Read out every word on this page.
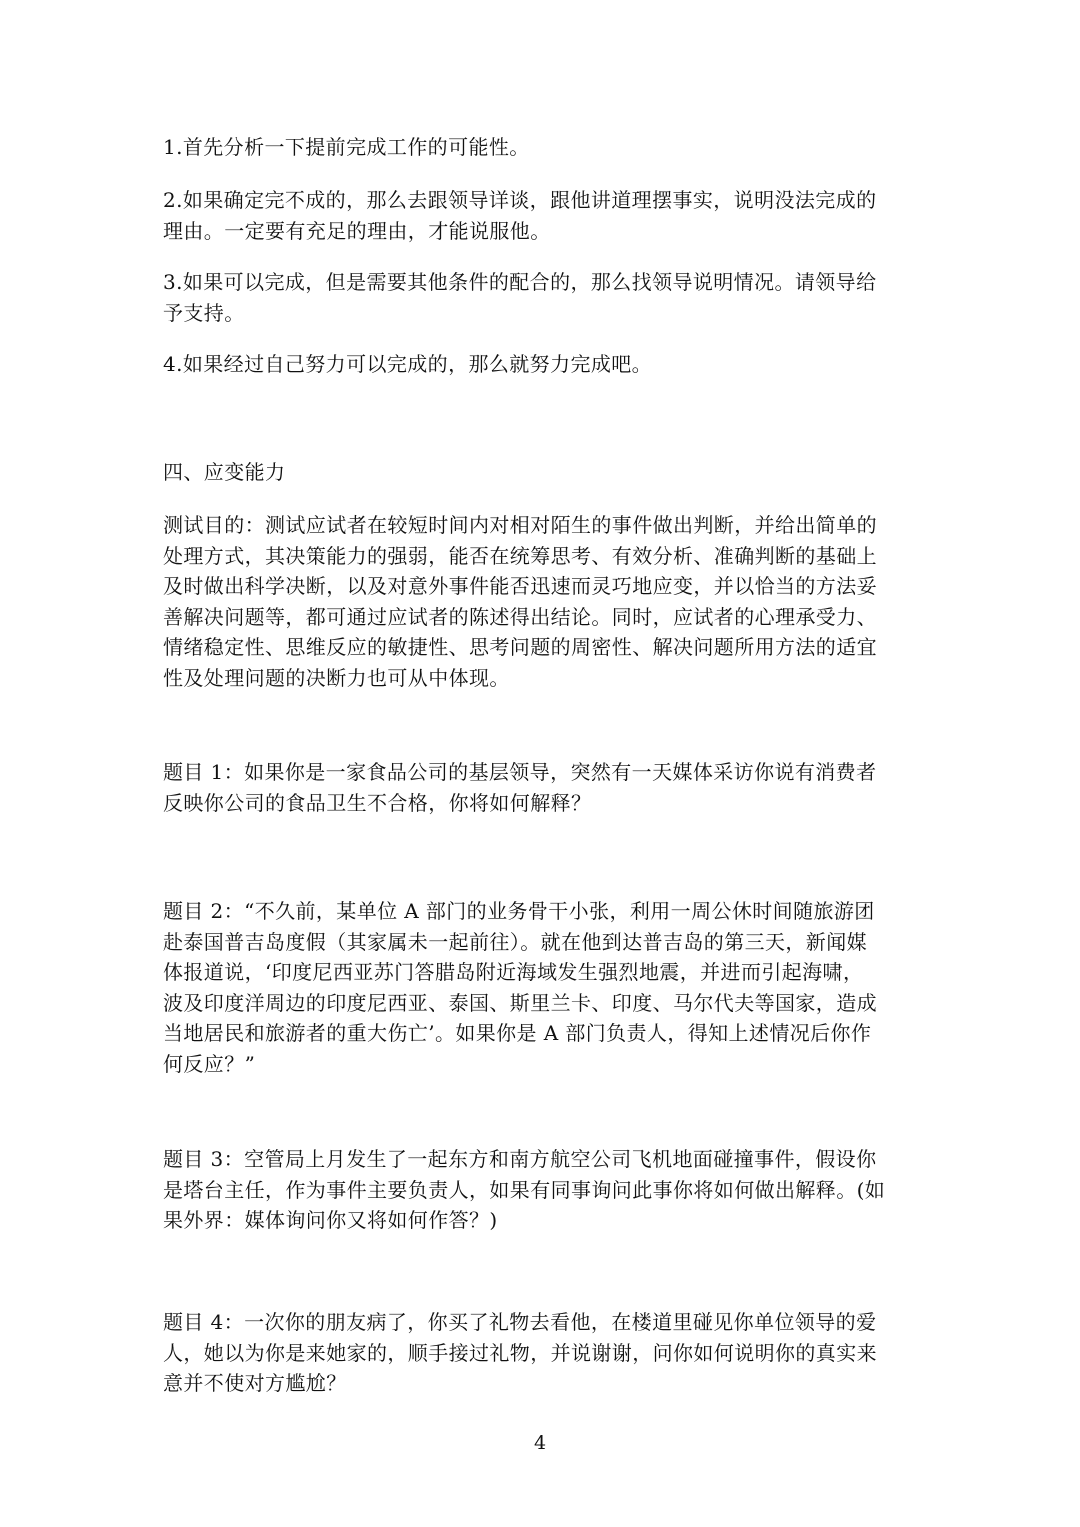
1.首先分析一下提前完成工作的可能性。

2.如果确定完不成的，那么去跟领导详谈，跟他讲道理摆事实，说明没法完成的
理由。一定要有充足的理由，才能说服他。

3.如果可以完成，但是需要其他条件的配合的，那么找领导说明情况。请领导给
予支持。

4.如果经过自己努力可以完成的，那么就努力完成吧。

四、应变能力

测试目的：测试应试者在较短时间内对相对陌生的事件做出判断，并给出简单的
处理方式，其决策能力的强弱，能否在统筹思考、有效分析、准确判断的基础上
及时做出科学决断，以及对意外事件能否迅速而灵巧地应变，并以恰当的方法妥
善解决问题等，都可通过应试者的陈述得出结论。同时，应试者的心理承受力、
情绪稳定性、思维反应的敏捷性、思考问题的周密性、解决问题所用方法的适宜
性及处理问题的决断力也可从中体现。

题目 1：如果你是一家食品公司的基层领导，突然有一天媒体采访你说有消费者
反映你公司的食品卫生不合格，你将如何解释？

题目 2：“不久前，某单位 A 部门的业务骨干小张，利用一周公休时间随旅游团
赴泰国普吉岛度假（其家属未一起前往）。就在他到达普吉岛的第三天，新闻媒
体报道说，‘印度尼西亚苏门答腊岛附近海域发生强烈地震，并进而引起海啸，
波及印度洋周边的印度尼西亚、泰国、斯里兰卡、印度、马尔代夫等国家，造成
当地居民和旅游者的重大伤亡’。如果你是 A 部门负责人，得知上述情况后你作
何反应？”

题目 3：空管局上月发生了一起东方和南方航空公司飞机地面碰撞事件，假设你
是塔台主任，作为事件主要负责人，如果有同事询问此事你将如何做出解释。(如
果外界：媒体询问你又将如何作答？)

题目 4：一次你的朋友病了，你买了礼物去看他，在楼道里碰见你单位领导的爱
人，她以为你是来她家的，顺手接过礼物，并说谢谢，问你如何说明你的真实来
意并不使对方尴尬？

4
